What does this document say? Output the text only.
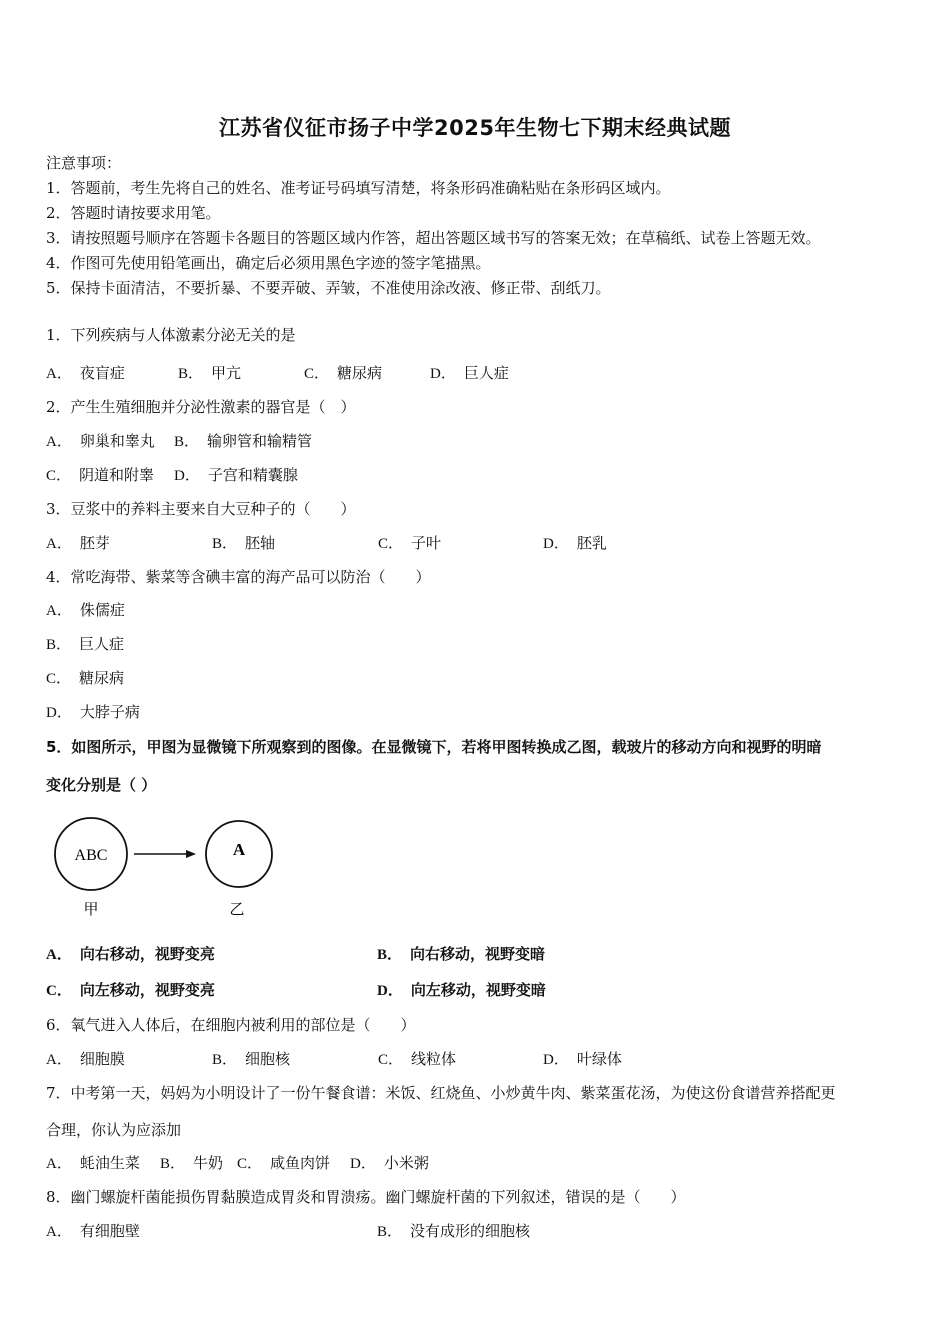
江苏省仪征市扬子中学2025年生物七下期末经典试题
注意事项：
1．答题前，考生先将自己的姓名、准考证号码填写清楚，将条形码准确粘贴在条形码区域内。
2．答题时请按要求用笔。
3．请按照题号顺序在答题卡各题目的答题区域内作答，超出答题区域书写的答案无效；在草稿纸、试卷上答题无效。
4．作图可先使用铅笔画出，确定后必须用黑色字迹的签字笔描黑。
5．保持卡面清洁，不要折暴、不要弄破、弄皱，不准使用涂改液、修正带、刮纸刀。
1．下列疾病与人体激素分泌无关的是
A． 夜盲症	B． 甲亢	C． 糖尿病	D． 巨人症
2．产生生殖细胞并分泌性激素的器官是（　）
A． 卵巢和睾丸 B． 输卵管和输精管
C． 阴道和附睾 D． 子宫和精囊腺
3．豆浆中的养料主要来自大豆种子的（　　）
A． 胚芽	B． 胚轴	C． 子叶	D． 胚乳
4．常吃海带、紫菜等含碘丰富的海产品可以防治（　　）
A． 侏儒症
B． 巨人症
C． 糖尿病
D． 大脖子病
5．如图所示，甲图为显微镜下所观察到的图像。在显微镜下，若将甲图转换成乙图，载玻片的移动方向和视野的明暗
变化分别是（ ）
ABC	A
甲	乙
A． 向右移动，视野变亮	B． 向右移动，视野变暗
C． 向左移动，视野变亮	D． 向左移动，视野变暗
6．氧气进入人体后，在细胞内被利用的部位是（　　）
A． 细胞膜	B． 细胞核	C． 线粒体	D． 叶绿体
7．中考第一天，妈妈为小明设计了一份午餐食谱：米饭、红烧鱼、小炒黄牛肉、紫菜蛋花汤，为使这份食谱营养搭配更
合理，你认为应添加
A． 蚝油生菜 B． 牛奶 C． 咸鱼肉饼 D． 小米粥
8．幽门螺旋杆菌能损伤胃黏膜造成胃炎和胃溃疡。幽门螺旋杆菌的下列叙述，错误的是（　　）
A． 有细胞壁	B． 没有成形的细胞核
